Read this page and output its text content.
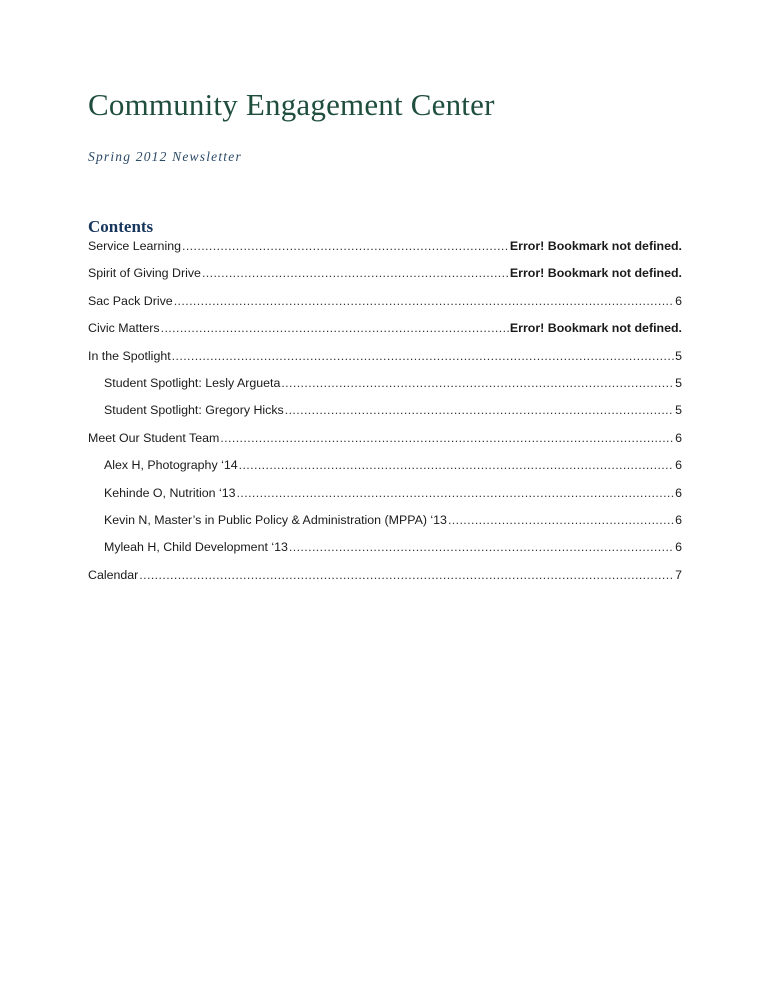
Community Engagement Center
Spring 2012 Newsletter
Contents
Service Learning .....	Error! Bookmark not defined.
Spirit of Giving Drive .....	Error! Bookmark not defined.
Sac Pack Drive .....	6
Civic Matters .....	Error! Bookmark not defined.
In the Spotlight .....	5
Student Spotlight: Lesly Argueta .....	5
Student Spotlight: Gregory Hicks .....	5
Meet Our Student Team .....	6
Alex H, Photography ‘14 .....	6
Kehinde O, Nutrition ‘13 .....	6
Kevin N, Master’s in Public Policy & Administration (MPPA) ‘13 .....	6
Myleah H, Child Development ‘13 .....	6
Calendar .....	7
